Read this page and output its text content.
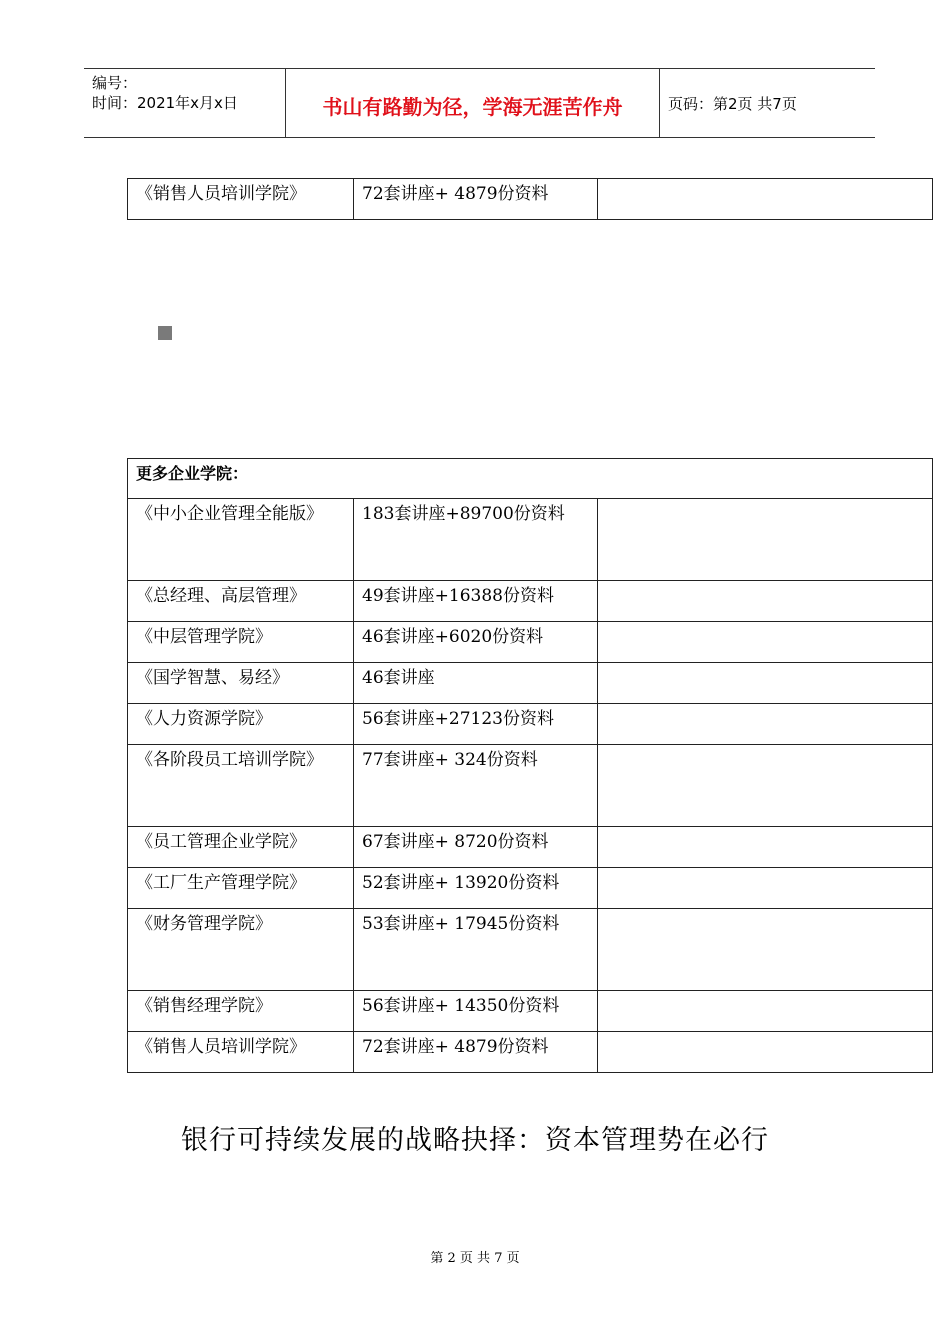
编号：
时间：2021年x月x日	书山有路勤为径，学海无涯苦作舟	页码：第2页 共7页
《销售人员培训学院》	72套讲座+ 4879份资料

更多企业学院：		

《中小企业管理全能版》	183套讲座+89700份资料	

《总经理、高层管理》	49套讲座+16388份资料	

《中层管理学院》	46套讲座+6020份资料	

《国学智慧、易经》	46套讲座	

《人力资源学院》	56套讲座+27123份资料	

《各阶段员工培训学院》	77套讲座+ 324份资料	

《员工管理企业学院》	67套讲座+ 8720份资料	

《工厂生产管理学院》	52套讲座+ 13920份资料	

《财务管理学院》	53套讲座+ 17945份资料	

《销售经理学院》	56套讲座+ 14350份资料	

《销售人员培训学院》	72套讲座+ 4879份资料	

银行可持续发展的战略抉择：资本管理势在必行
第 2 页 共 7 页
